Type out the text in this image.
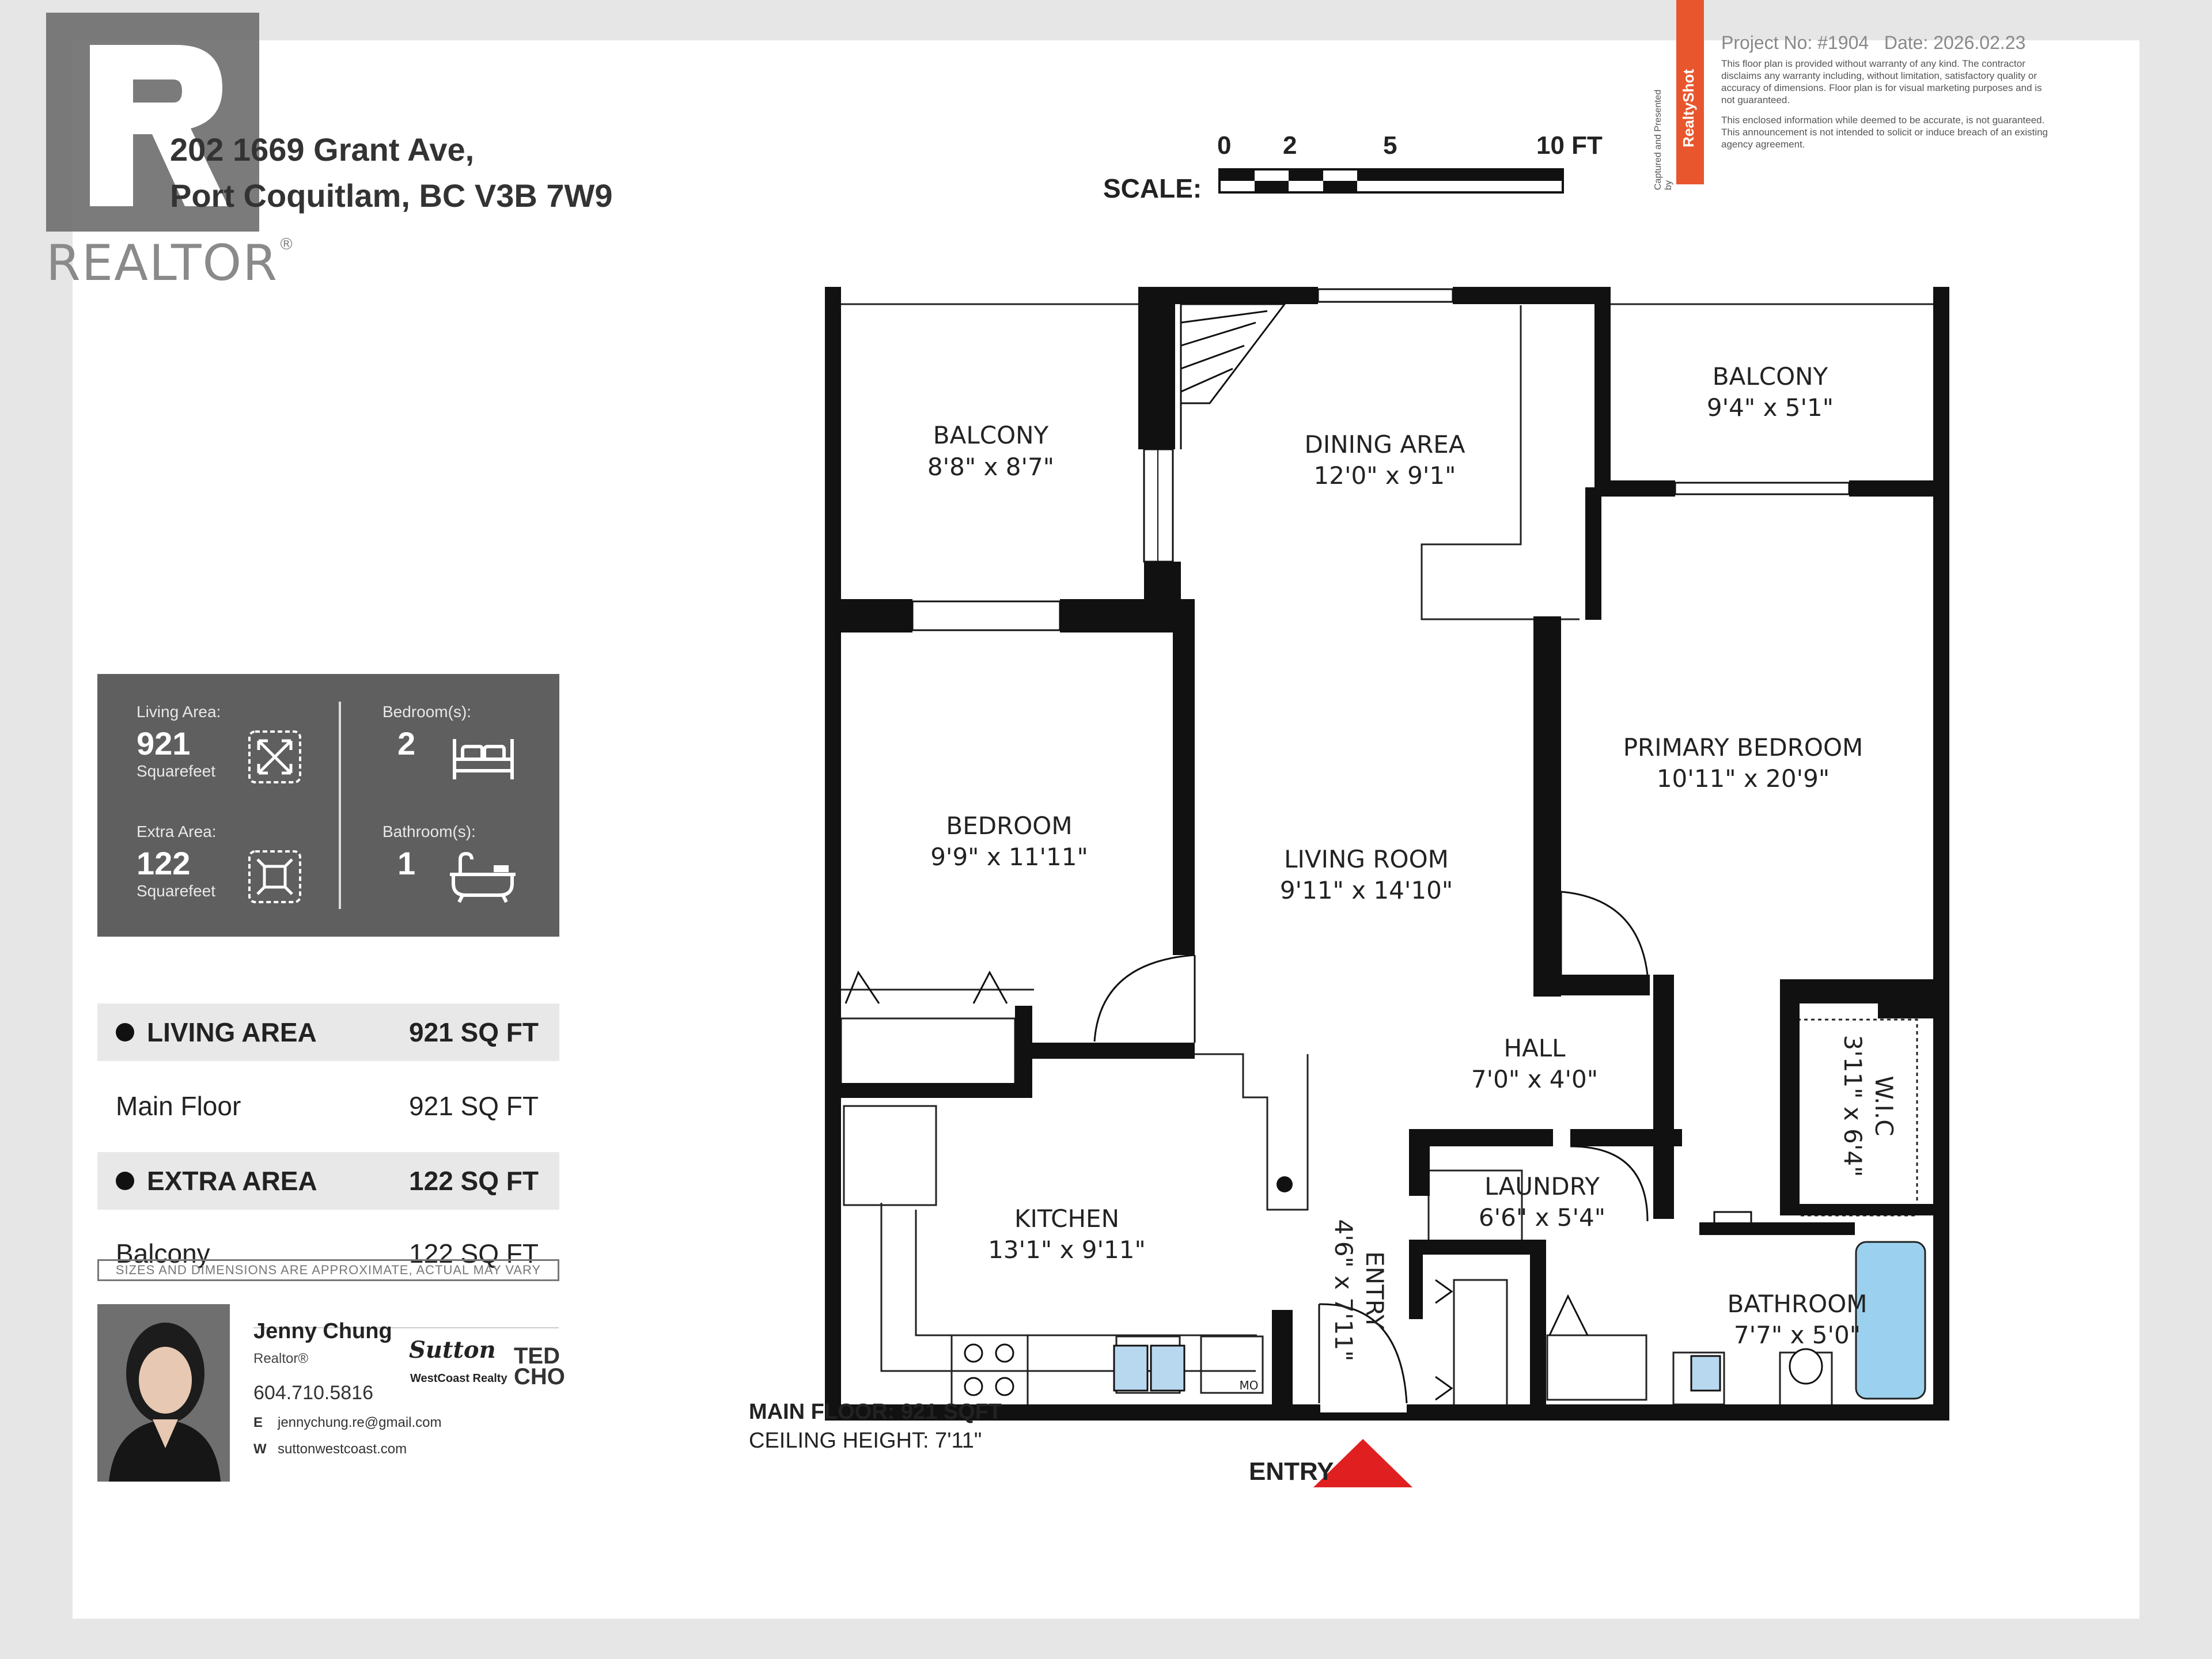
REALTOR®
202 1669 Grant Ave,
Port Coquitlam, BC V3B 7W9
0 2	5	10 FT
SCALE:	Captured and Presented by
RealtyShot
Project No: #1904 Date: 2026.02.23
This floor plan is provided without warranty of any kind. The contractor disclaims any warranty including, without limitation, satisfactory quality or accuracy of dimensions. Floor plan is for visual marketing purposes and is not guaranteed.
This enclosed information while deemed to be accurate, is not guaranteed. This announcement is not intended to solicit or induce breach of an existing agency agreement.
Living Area:
921
Squarefeet
Bedroom(s):
2
Extra Area:
122
Squarefeet
Bathroom(s):
1
LIVING AREA	921 SQ FT
Main Floor	921 SQ FT
EXTRA AREA	122 SQ FT
Balcony	122 SQ FT
SIZES AND DIMENSIONS ARE APPROXIMATE, ACTUAL MAY VARY
Jenny Chung
Realtor®
604.710.5816
E jennychung.re@gmail.com
W suttonwestcoast.com
Sutton
WestCoast Realty
TED
CHO	MO
BALCONY
8'8" x 8'7"
DINING AREA
12'0" x 9'1"
BALCONY
9'4" x 5'1"
BEDROOM
9'9" x 11'11"	LIVING ROOM
9'11" x 14'10"
PRIMARY BEDROOM
10'11" x 20'9"
HALL
7'0" x 4'0"
LAUNDRY
6'6" x 5'4"
KITCHEN
13'1" x 9'11"
BATHROOM
7'7" x 5'0"
W.I.C
3'11" x 6'4"
ENTRY
4'6" x 7'11"
MAIN FLOOR: 921 SQFT
CEILING HEIGHT: 7'11"
ENTRY
